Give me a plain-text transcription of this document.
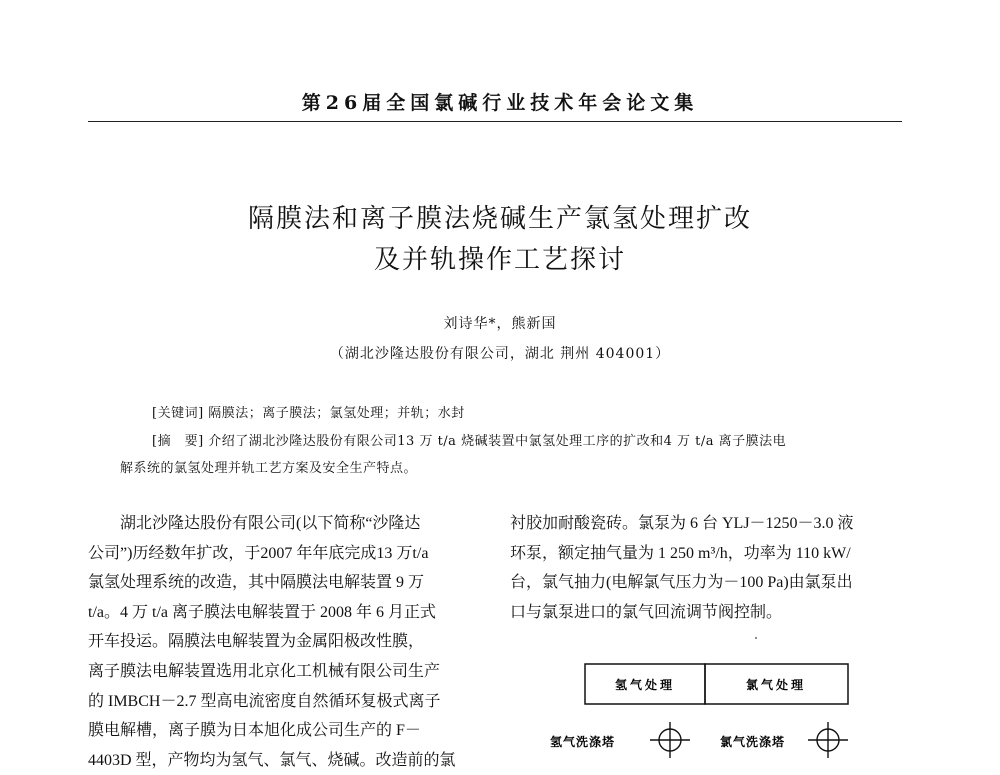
第26届全国氯碱行业技术年会论文集
隔膜法和离子膜法烧碱生产氯氢处理扩改
及并轨操作工艺探讨
刘诗华*，熊新国
（湖北沙隆达股份有限公司，湖北 荆州 404001）
[关键词] 隔膜法；离子膜法；氯氢处理；并轨；水封
[摘　要] 介绍了湖北沙隆达股份有限公司13 万 t/a 烧碱装置中氯氢处理工序的扩改和4 万 t/a 离子膜法电
解系统的氯氢处理并轨工艺方案及安全生产特点。
湖北沙隆达股份有限公司(以下简称“沙隆达
公司”)历经数年扩改，于2007 年年底完成13 万t/a
氯氢处理系统的改造，其中隔膜法电解装置 9 万
t/a。4 万 t/a 离子膜法电解装置于 2008 年 6 月正式
开车投运。隔膜法电解装置为金属阳极改性膜，
离子膜法电解装置选用北京化工机械有限公司生产
的 IMBCH－2.7 型高电流密度自然循环复极式离子
膜电解槽，离子膜为日本旭化成公司生产的 F－
4403D 型，产物均为氢气、氯气、烧碱。改造前的氯
衬胶加耐酸瓷砖。氯泵为 6 台 YLJ－1250－3.0 液
环泵，额定抽气量为 1 250 m³/h，功率为 110 kW/
台，氯气抽力(电解氯气压力为－100 Pa)由氯泵出
口与氯泵进口的氯气回流调节阀控制。
氢气处理	氯气处理
氢气洗涤塔	氯气洗涤塔
